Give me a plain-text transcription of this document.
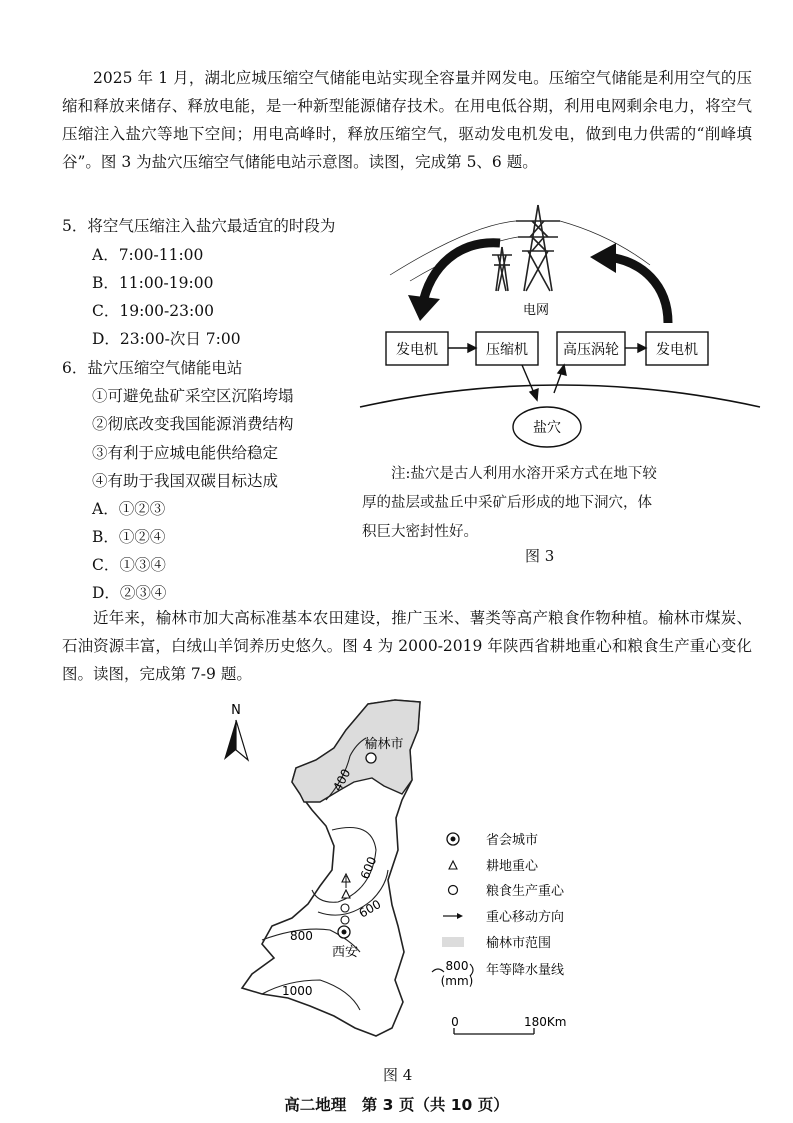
2025 年 1 月，湖北应城压缩空气储能电站实现全容量并网发电。压缩空气储能是利用空气的压缩和释放来储存、释放电能，是一种新型能源储存技术。在用电低谷期，利用电网剩余电力，将空气压缩注入盐穴等地下空间；用电高峰时，释放压缩空气，驱动发电机发电，做到电力供需的“削峰填谷”。图 3 为盐穴压缩空气储能电站示意图。读图，完成第 5、6 题。
5．将空气压缩注入盐穴最适宜的时段为
A．7:00-11:00
B．11:00-19:00
C．19:00-23:00
D．23:00-次日 7:00
6．盐穴压缩空气储能电站
①可避免盐矿采空区沉陷垮塌
②彻底改变我国能源消费结构
③有利于应城电能供给稳定
④有助于我国双碳目标达成
A．①②③
B．①②④
C．①③④
D．②③④
电网
发电机	压缩机	高压涡轮	发电机
盐穴
注:盐穴是古人利用水溶开采方式在地下较厚的盐层或盐丘中采矿后形成的地下洞穴，体积巨大密封性好。
图 3
近年来，榆林市加大高标准基本农田建设，推广玉米、薯类等高产粮食作物种植。榆林市煤炭、石油资源丰富，白绒山羊饲养历史悠久。图 4 为 2000-2019 年陕西省耕地重心和粮食生产重心变化图。读图，完成第 7-9 题。
N
400
600
600
800
1000
榆林市
西安
省会城市
耕地重心
粮食生产重心
重心移动方向
榆林市范围
800
(mm)
年等降水量线
0	180Km
图 4
高二地理　第 3 页（共 10 页）
